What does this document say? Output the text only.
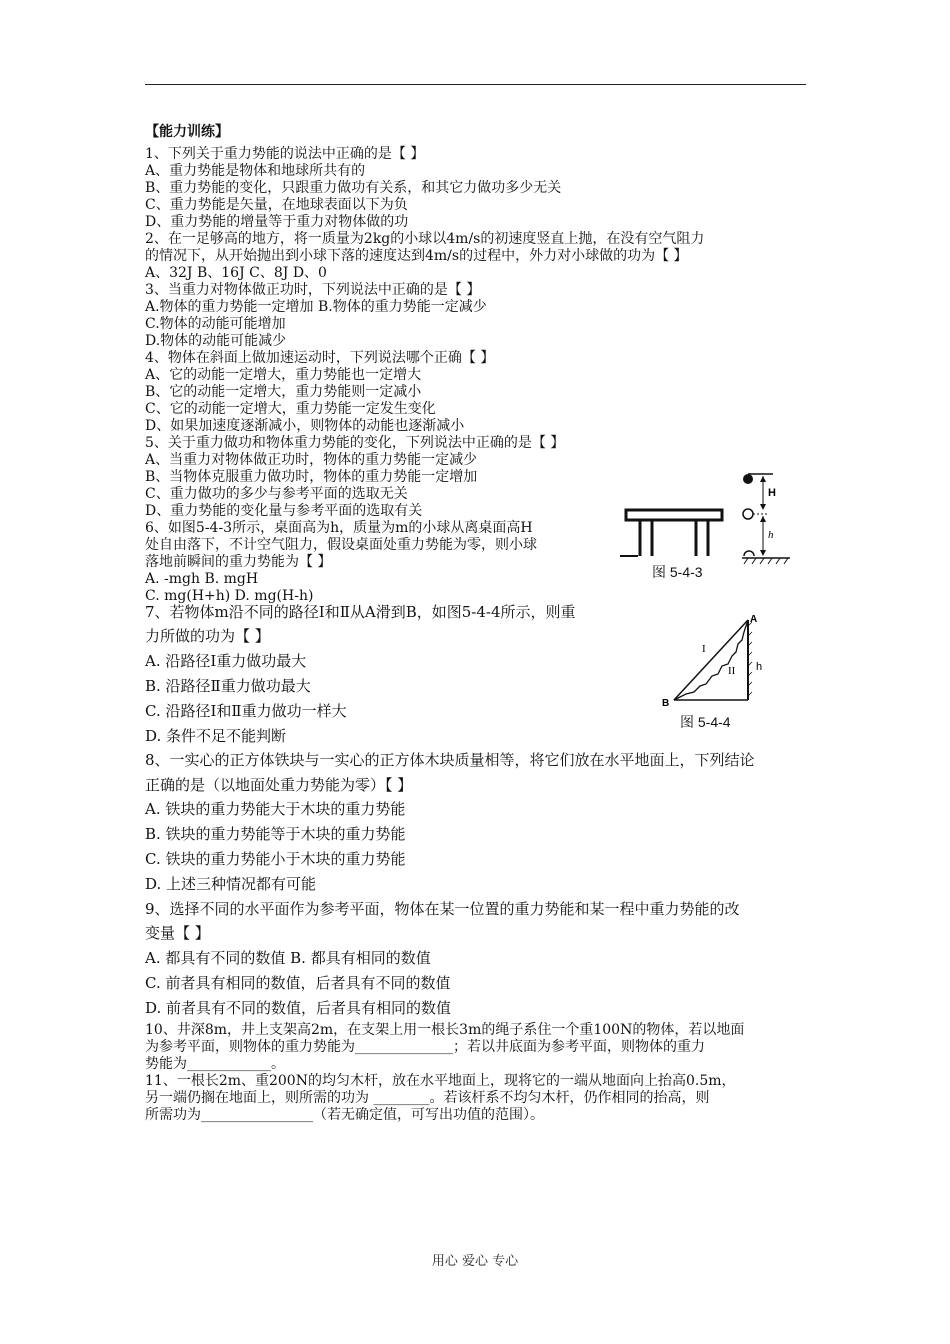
【能力训练】
1、下列关于重力势能的说法中正确的是【 】
A、重力势能是物体和地球所共有的
B、重力势能的变化，只跟重力做功有关系，和其它力做功多少无关
C、重力势能是矢量，在地球表面以下为负
D、重力势能的增量等于重力对物体做的功
2、在一足够高的地方，将一质量为2kg的小球以4m/s的初速度竖直上抛，在没有空气阻力
的情况下，从开始抛出到小球下落的速度达到4m/s的过程中，外力对小球做的功为【 】
A、32J B、16J C、8J D、0
3、当重力对物体做正功时，下列说法中正确的是【 】
A.物体的重力势能一定增加 B.物体的重力势能一定减少
C.物体的动能可能增加
D.物体的动能可能减少
4、物体在斜面上做加速运动时，下列说法哪个正确【 】
A、它的动能一定增大，重力势能也一定增大
B、它的动能一定增大，重力势能则一定减小
C、它的动能一定增大，重力势能一定发生变化
D、如果加速度逐渐减小，则物体的动能也逐渐减小
5、关于重力做功和物体重力势能的变化，下列说法中正确的是【 】
A、当重力对物体做正功时，物体的重力势能一定减少
B、当物体克服重力做功时，物体的重力势能一定增加
C、重力做功的多少与参考平面的选取无关
D、重力势能的变化量与参考平面的选取有关
6、如图5-4-3所示，桌面高为h，质量为m的小球从离桌面高H
处自由落下，不计空气阻力，假设桌面处重力势能为零，则小球
落地前瞬间的重力势能为【 】
A. -mgh B. mgH
C. mg(H+h) D. mg(H-h)
H
h
图 5-4-3
7、若物体m沿不同的路径Ⅰ和Ⅱ从A滑到B，如图5-4-4所示，则重
力所做的功为【 】
A. 沿路径Ⅰ重力做功最大
B. 沿路径Ⅱ重力做功最大
C. 沿路径Ⅰ和Ⅱ重力做功一样大
D. 条件不足不能判断
8、一实心的正方体铁块与一实心的正方体木块质量相等，将它们放在水平地面上，下列结论
正确的是（以地面处重力势能为零）【 】
A. 铁块的重力势能大于木块的重力势能
B. 铁块的重力势能等于木块的重力势能
C. 铁块的重力势能小于木块的重力势能
D. 上述三种情况都有可能
9、选择不同的水平面作为参考平面，物体在某一位置的重力势能和某一程中重力势能的改
变量【 】
A. 都具有不同的数值 B. 都具有相同的数值
C. 前者具有相同的数值，后者具有不同的数值
D. 前者具有不同的数值，后者具有相同的数值
A
B
I
II h
图 5-4-4
10、井深8m，井上支架高2m，在支架上用一根长3m的绳子系住一个重100N的物体，若以地面
为参考平面，则物体的重力势能为______________；若以井底面为参考平面，则物体的重力
势能为____________。
11、一根长2m、重200N的均匀木杆，放在水平地面上，现将它的一端从地面向上抬高0.5m，
另一端仍搁在地面上，则所需的功为 ________。若该杆系不均匀木杆，仍作相同的抬高，则
所需功为________________（若无确定值，可写出功值的范围）。
用心 爱心 专心
